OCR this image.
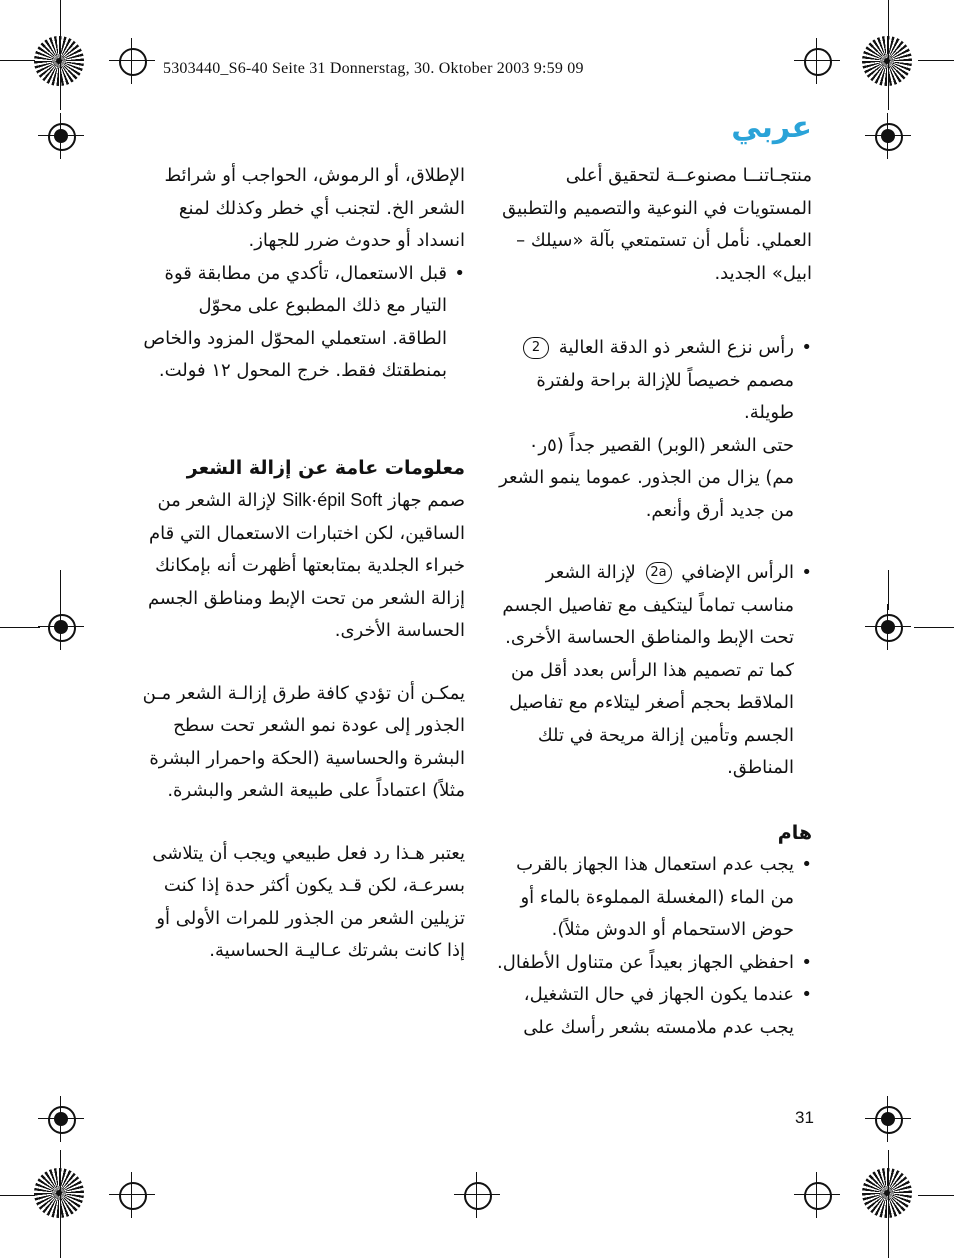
5303440_S6-40 Seite 31 Donnerstag, 30. Oktober 2003 9:59 09
عربي

منتجـاتنــا مصنوعــة لتحقيق أعلى المستويات في النوعية والتصميم والتطبيق العملي. نأمل أن تستمتعي بآلة «سيلك – ابيل» الجديد.

• رأس نزع الشعر ذو الدقة العالية 2 مصمم خصيصاً للإزالة براحة ولفترة طويلة.
حتى الشعر (الوبر) القصير جداً (٥ر٠ مم) يزال من الجذور. عموما ينمو الشعر من جديد أرق وأنعم.

• الرأس الإضافي 2a لإزالة الشعر مناسب تماماً ليتكيف مع تفاصيل الجسم تحت الإبط والمناطق الحساسة الأخرى. كما تم تصميم هذا الرأس بعدد أقل من الملاقط بحجم أصغر ليتلاءم مع تفاصيل الجسم وتأمين إزالة مريحة في تلك المناطق.

هام

• يجب عدم استعمال هذا الجهاز بالقرب من الماء (المغسلة المملوءة بالماء أو حوض الاستحمام أو الدوش مثلاً).

• احفظي الجهاز بعيداً عن متناول الأطفال.

• عندما يكون الجهاز في حال التشغيل، يجب عدم ملامسته بشعر رأسك على

الإطلاق، أو الرموش، الحواجب أو شرائط الشعر الخ. لتجنب أي خطر وكذلك لمنع انسداد أو حدوث ضرر للجهاز.

• قبل الاستعمال، تأكدي من مطابقة قوة التيار مع ذلك المطبوع على محوّل الطاقة. استعملي المحوّل المزود والخاص بمنطقتك فقط. خرج المحول ١٢ فولت.

معلومات عامة عن إزالة الشعر

صمم جهاز Silk·épil Soft لإزالة الشعر من الساقين، لكن اختبارات الاستعمال التي قام خبراء الجلدية بمتابعتها أظهرت أنه بإمكانك إزالة الشعر من تحت الإبط ومناطق الجسم الحساسة الأخرى.

يمكـن أن تؤدي كافة طرق إزالـة الشعر مـن الجذور إلى عودة نمو الشعر تحت سطح البشرة والحساسية (الحكة واحمرار البشرة مثلاً) اعتماداً على طبيعة الشعر والبشرة.

يعتبر هـذا رد فعل طبيعي ويجب أن يتلاشى بسرعـة، لكن قـد يكون أكثر حدة إذا كنت تزيلين الشعر من الجذور للمرات الأولى أو إذا كانت بشرتك عـاليـة الحساسية.

31
